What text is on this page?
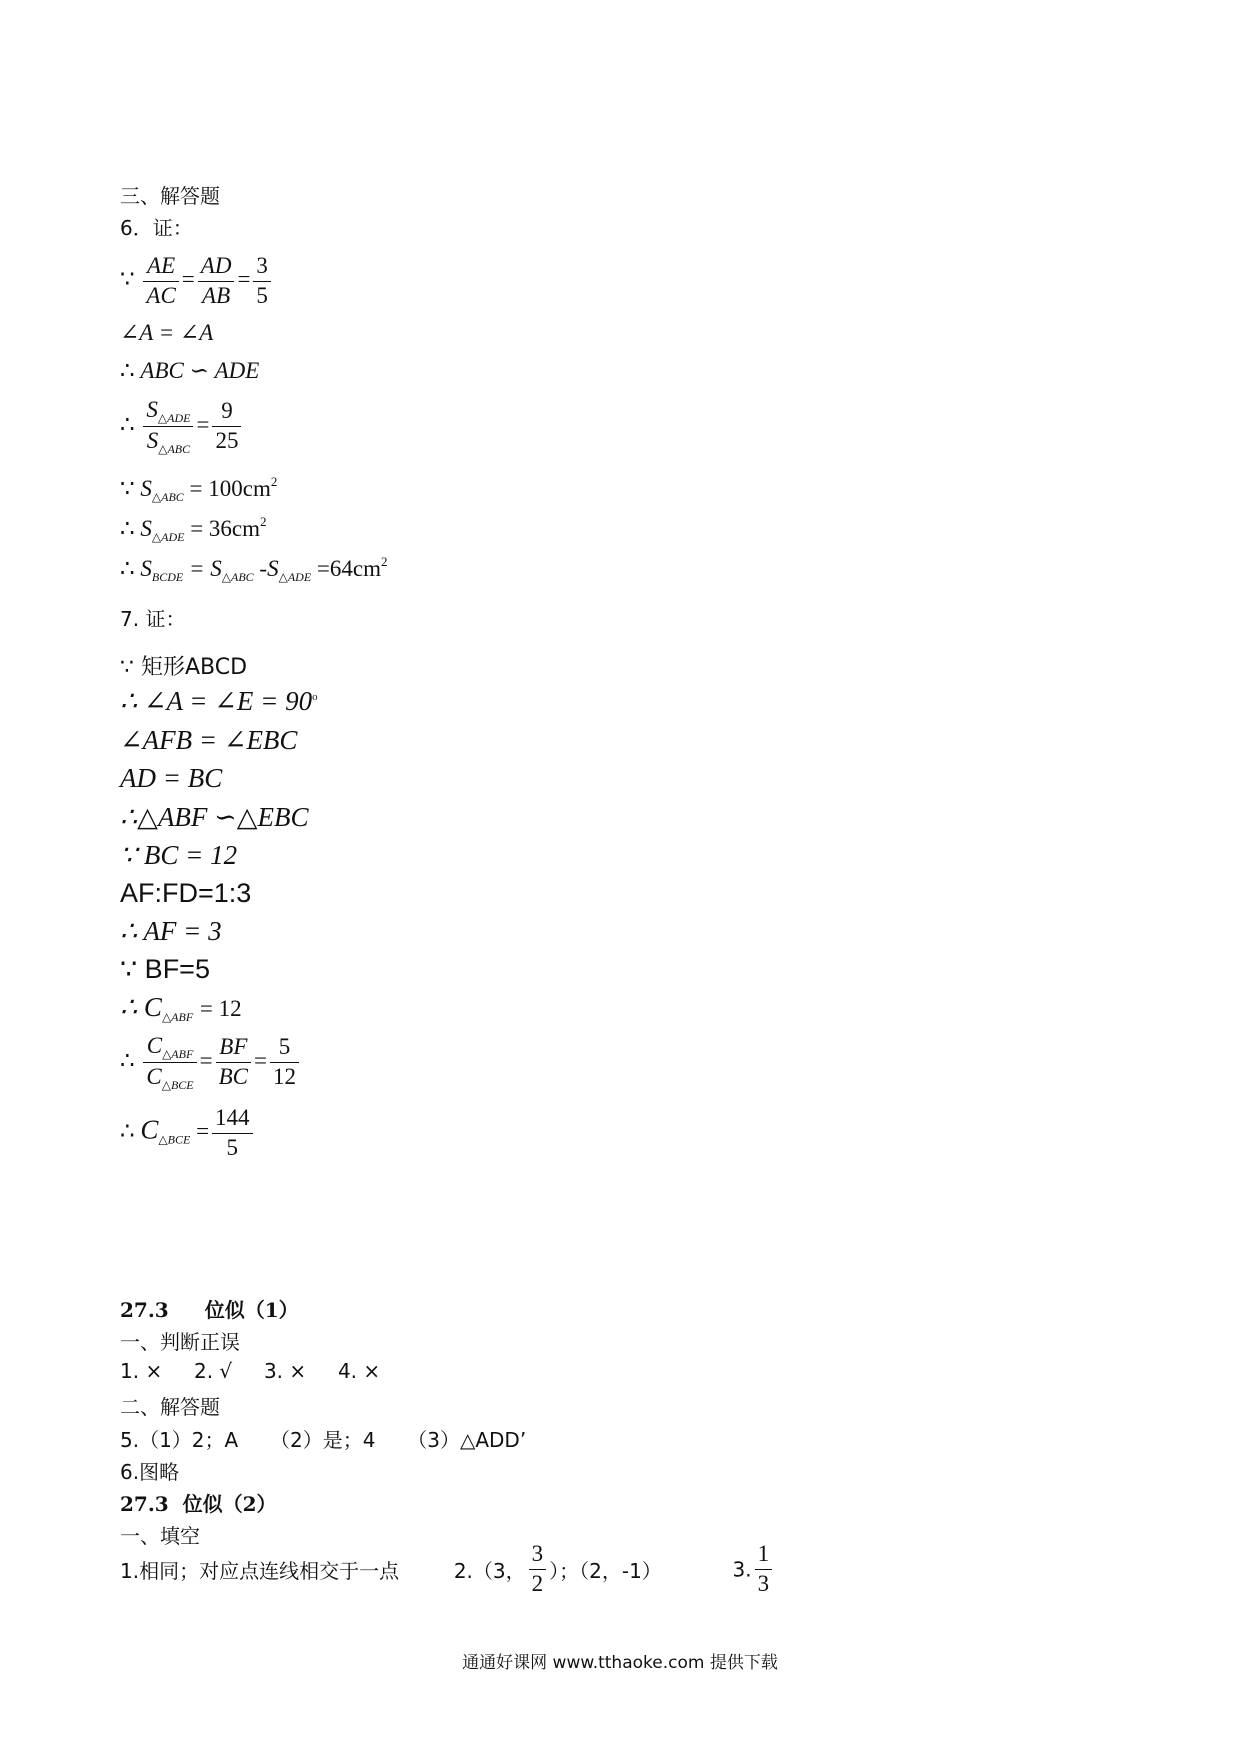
三、解答题
6．证：
∵ $\frac{AE}{AC} = \frac{AD}{AB} = \frac{3}{5}$
∠A = ∠A
∴ ABC ∽ ADE
∴ $\frac{S_{\triangle ADE}}{S_{\triangle ABC}} = \frac{9}{25}$
∵ $S_{\triangle ABC} = 100cm^2$
∴ $S_{\triangle ADE} = 36cm^2$
∴ $S_{BCDE} = S_{\triangle ABC}$ $-S_{\triangle ADE} =64cm^2$
7. 证：
∵ 矩形ABCD
∴ ∠A = ∠E = $90^o$
∠AFB = ∠EBC
AD = BC
∴△ABF ∽△EBC
∵ BC = 12
AF:FD=1:3
∴ AF = 3
∵ BF=5
∴ $C_{\triangle ABF} = 12$
∴ $\frac{C_{\triangle ABF}}{C_{\triangle BCE}} = \frac{BF}{BC} = \frac{5}{12}$
∴ $C_{\triangle BCE} = \frac{144}{5}$
27.3 位似（1）
一、判断正误
1. ×     2. √     3. ×     4. ×
二、解答题
5.（1）2；A     （2）是；4     （3）△ADD’
6.图略
27.3  位似（2）
一、填空
1.相同；对应点连线相交于一点	2.（3， $\frac{3}{2}$ ）；（2，-1）	3. $\frac{1}{3}$
通通好课网 www.tthaoke.com 提供下载
